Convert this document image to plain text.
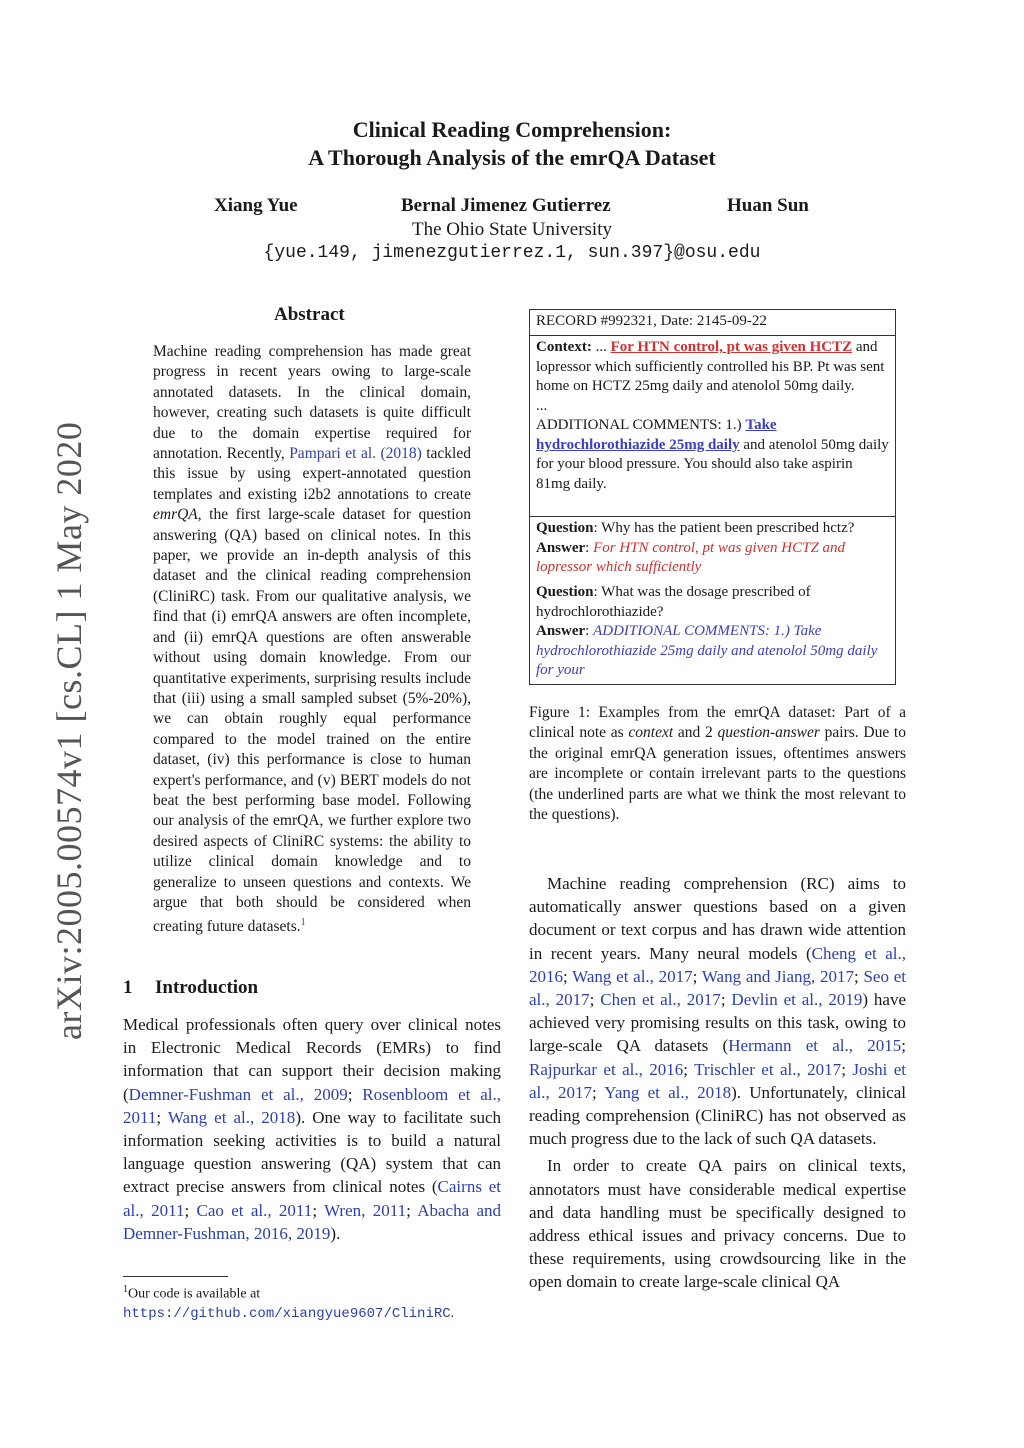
arXiv:2005.00574v1 [cs.CL] 1 May 2020
Clinical Reading Comprehension:
A Thorough Analysis of the emrQA Dataset
Xiang Yue	Bernal Jimenez Gutierrez	Huan Sun
The Ohio State University
{yue.149, jimenezgutierrez.1, sun.397}@osu.edu
Abstract
Machine reading comprehension has made great progress in recent years owing to large-scale annotated datasets. In the clinical domain, however, creating such datasets is quite difficult due to the domain expertise required for annotation. Recently, Pampari et al. (2018) tackled this issue by using expert-annotated question templates and existing i2b2 annotations to create emrQA, the first large-scale dataset for question answering (QA) based on clinical notes. In this paper, we provide an in-depth analysis of this dataset and the clinical reading comprehension (CliniRC) task. From our qualitative analysis, we find that (i) emrQA answers are often incomplete, and (ii) emrQA questions are often answerable without using domain knowledge. From our quantitative experiments, surprising results include that (iii) using a small sampled subset (5%-20%), we can obtain roughly equal performance compared to the model trained on the entire dataset, (iv) this performance is close to human expert's performance, and (v) BERT models do not beat the best performing base model. Following our analysis of the emrQA, we further explore two desired aspects of CliniRC systems: the ability to utilize clinical domain knowledge and to generalize to unseen questions and contexts. We argue that both should be considered when creating future datasets.$^1$
1 Introduction

Medical professionals often query over clinical notes in Electronic Medical Records (EMRs) to find information that can support their decision making (Demner-Fushman et al., 2009; Rosenbloom et al., 2011; Wang et al., 2018). One way to facilitate such information seeking activities is to build a natural language question answering (QA) system that can extract precise answers from clinical notes (Cairns et al., 2011; Cao et al., 2011; Wren, 2011; Abacha and Demner-Fushman, 2016, 2019).

$^1$Our code is available at https://github.com/xiangyue9607/CliniRC.
RECORD #992321, Date: 2145-09-22
Context: ... For HTN control, pt was given HCTZ and lopressor which sufficiently controlled his BP. Pt was sent home on HCTZ 25mg daily and atenolol 50mg daily.
...
ADDITIONAL COMMENTS: 1.) Take hydrochlorothiazide 25mg daily and atenolol 50mg daily for your blood pressure. You should also take aspirin 81mg daily.
Question: Why has the patient been prescribed hctz?
Answer: For HTN control, pt was given HCTZ and lopressor which sufficiently
Question: What was the dosage prescribed of hydrochlorothiazide?
Answer: ADDITIONAL COMMENTS: 1.) Take hydrochlorothiazide 25mg daily and atenolol 50mg daily for your
Figure 1: Examples from the emrQA dataset: Part of a clinical note as context and 2 question-answer pairs. Due to the original emrQA generation issues, oftentimes answers are incomplete or contain irrelevant parts to the questions (the underlined parts are what we think the most relevant to the questions).

Machine reading comprehension (RC) aims to automatically answer questions based on a given document or text corpus and has drawn wide attention in recent years. Many neural models (Cheng et al., 2016; Wang et al., 2017; Wang and Jiang, 2017; Seo et al., 2017; Chen et al., 2017; Devlin et al., 2019) have achieved very promising results on this task, owing to large-scale QA datasets (Hermann et al., 2015; Rajpurkar et al., 2016; Trischler et al., 2017; Joshi et al., 2017; Yang et al., 2018). Unfortunately, clinical reading comprehension (CliniRC) has not observed as much progress due to the lack of such QA datasets.

In order to create QA pairs on clinical texts, annotators must have considerable medical expertise and data handling must be specifically designed to address ethical issues and privacy concerns. Due to these requirements, using crowdsourcing like in the open domain to create large-scale clinical QA
